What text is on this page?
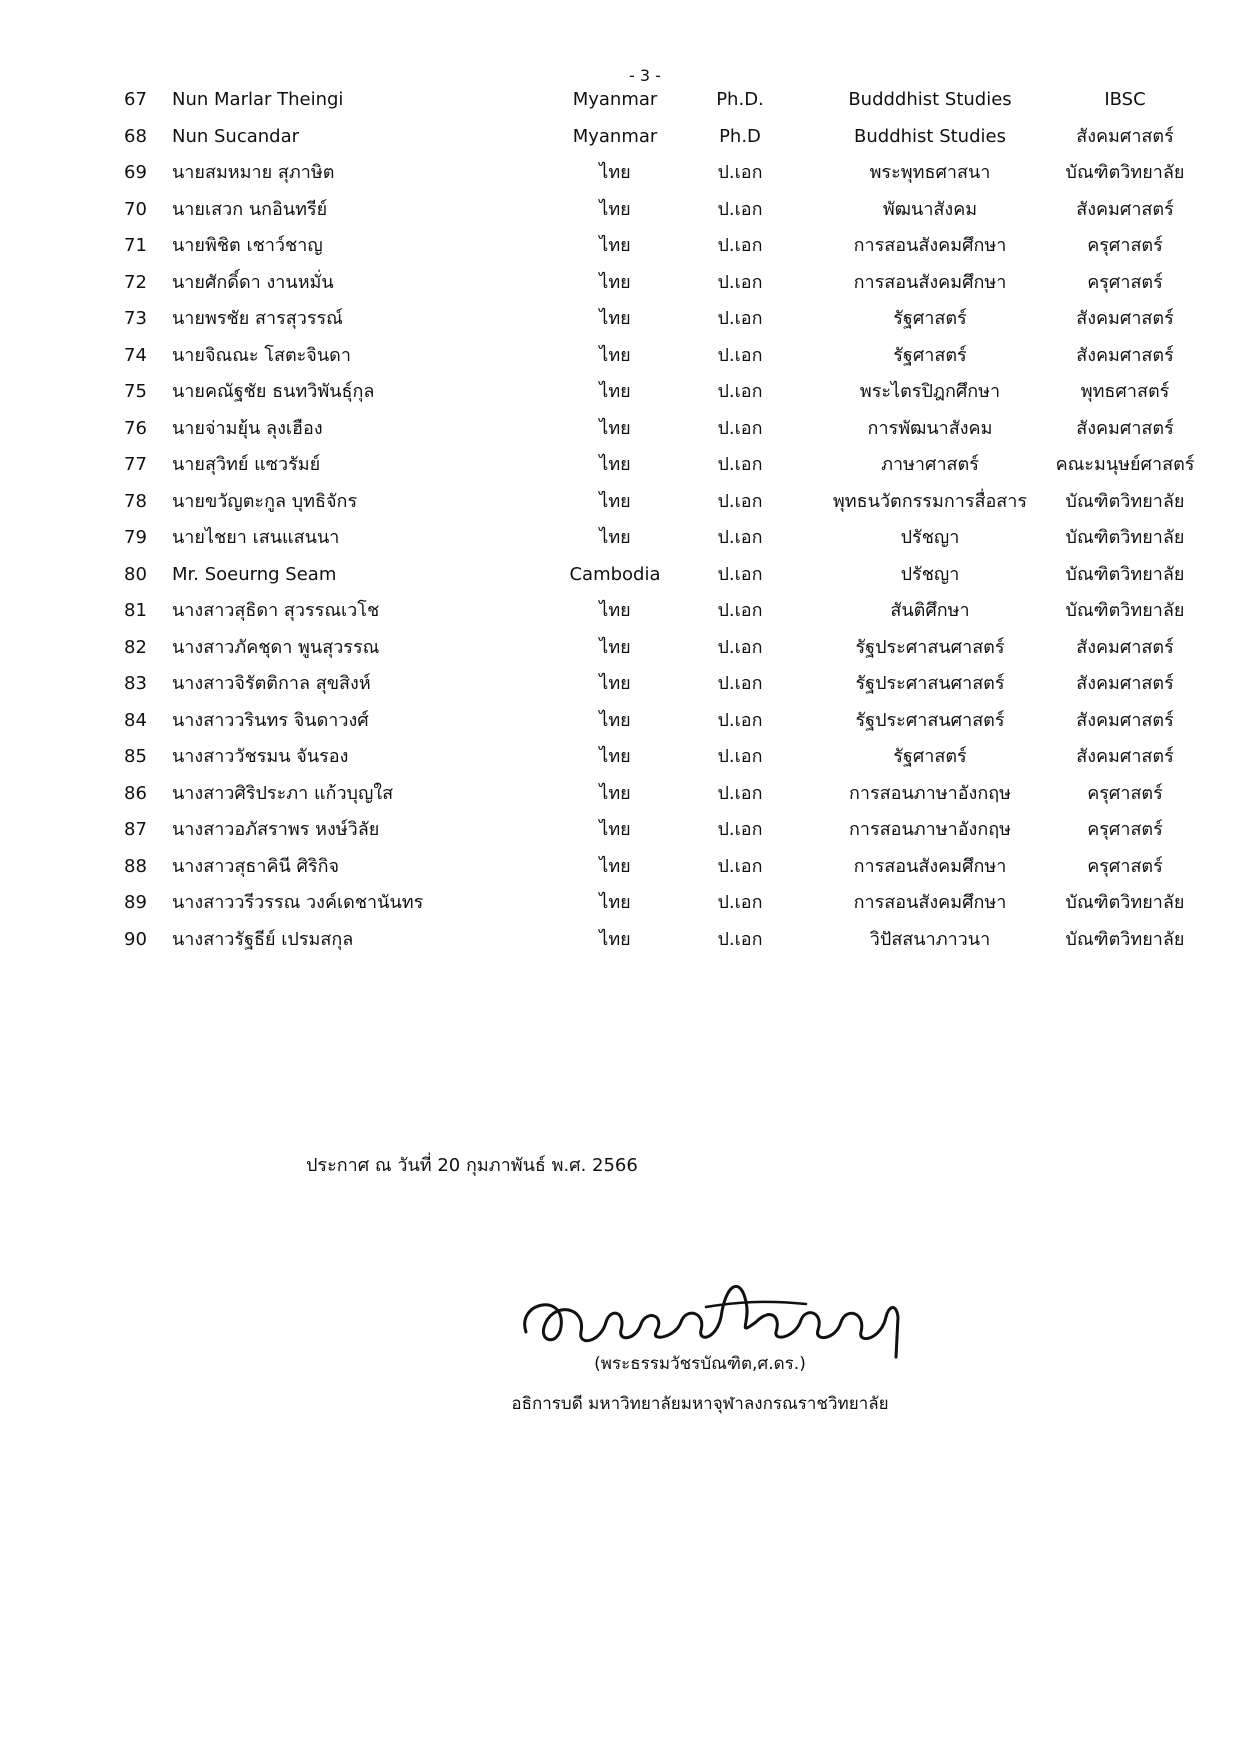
- 3 -
67	Nun Marlar Theingi	Myanmar	Ph.D.	Budddhist Studies	IBSC
68	Nun Sucandar	Myanmar	Ph.D	Buddhist Studies	สังคมศาสตร์
69	นายสมหมาย สุภาษิต	ไทย	ป.เอก	พระพุทธศาสนา	บัณฑิตวิทยาลัย
70	นายเสวก นกอินทรีย์	ไทย	ป.เอก	พัฒนาสังคม	สังคมศาสตร์
71	นายพิชิต เชาว์ชาญ	ไทย	ป.เอก	การสอนสังคมศึกษา	ครุศาสตร์
72	นายศักดิ์ดา งานหมั่น	ไทย	ป.เอก	การสอนสังคมศึกษา	ครุศาสตร์
73	นายพรชัย สารสุวรรณ์	ไทย	ป.เอก	รัฐศาสตร์	สังคมศาสตร์
74	นายจิณณะ โสตะจินดา	ไทย	ป.เอก	รัฐศาสตร์	สังคมศาสตร์
75	นายคณัฐชัย ธนทวิพันธุ์กุล	ไทย	ป.เอก	พระไตรปิฎกศึกษา	พุทธศาสตร์
76	นายจ่ามยุ้น ลุงเฮือง	ไทย	ป.เอก	การพัฒนาสังคม	สังคมศาสตร์
77	นายสุวิทย์ แซวรัมย์	ไทย	ป.เอก	ภาษาศาสตร์	คณะมนุษย์ศาสตร์
78	นายขวัญตะกูล บุทธิจักร	ไทย	ป.เอก	พุทธนวัตกรรมการสื่อสาร	บัณฑิตวิทยาลัย
79	นายไชยา เสนแสนนา	ไทย	ป.เอก	ปรัชญา	บัณฑิตวิทยาลัย
80	Mr. Soeurng Seam	Cambodia	ป.เอก	ปรัชญา	บัณฑิตวิทยาลัย
81	นางสาวสุธิดา สุวรรณเวโช	ไทย	ป.เอก	สันติศึกษา	บัณฑิตวิทยาลัย
82	นางสาวภัคชุดา พูนสุวรรณ	ไทย	ป.เอก	รัฐประศาสนศาสตร์	สังคมศาสตร์
83	นางสาวจิรัตติกาล สุขสิงห์	ไทย	ป.เอก	รัฐประศาสนศาสตร์	สังคมศาสตร์
84	นางสาววรินทร จินดาวงศ์	ไทย	ป.เอก	รัฐประศาสนศาสตร์	สังคมศาสตร์
85	นางสาววัชรมน จันรอง	ไทย	ป.เอก	รัฐศาสตร์	สังคมศาสตร์
86	นางสาวศิริประภา แก้วบุญใส	ไทย	ป.เอก	การสอนภาษาอังกฤษ	ครุศาสตร์
87	นางสาวอภัสราพร หงษ์วิลัย	ไทย	ป.เอก	การสอนภาษาอังกฤษ	ครุศาสตร์
88	นางสาวสุธาคินี ศิริกิจ	ไทย	ป.เอก	การสอนสังคมศึกษา	ครุศาสตร์
89	นางสาววรีวรรณ วงค์เดชานันทร	ไทย	ป.เอก	การสอนสังคมศึกษา	บัณฑิตวิทยาลัย
90	นางสาวรัฐธีย์ เปรมสกุล	ไทย	ป.เอก	วิปัสสนาภาวนา	บัณฑิตวิทยาลัย
ประกาศ ณ วันที่ 20 กุมภาพันธ์ พ.ศ. 2566
(พระธรรมวัชรบัณฑิต,ศ.ดร.)
อธิการบดี มหาวิทยาลัยมหาจุฬาลงกรณราชวิทยาลัย
